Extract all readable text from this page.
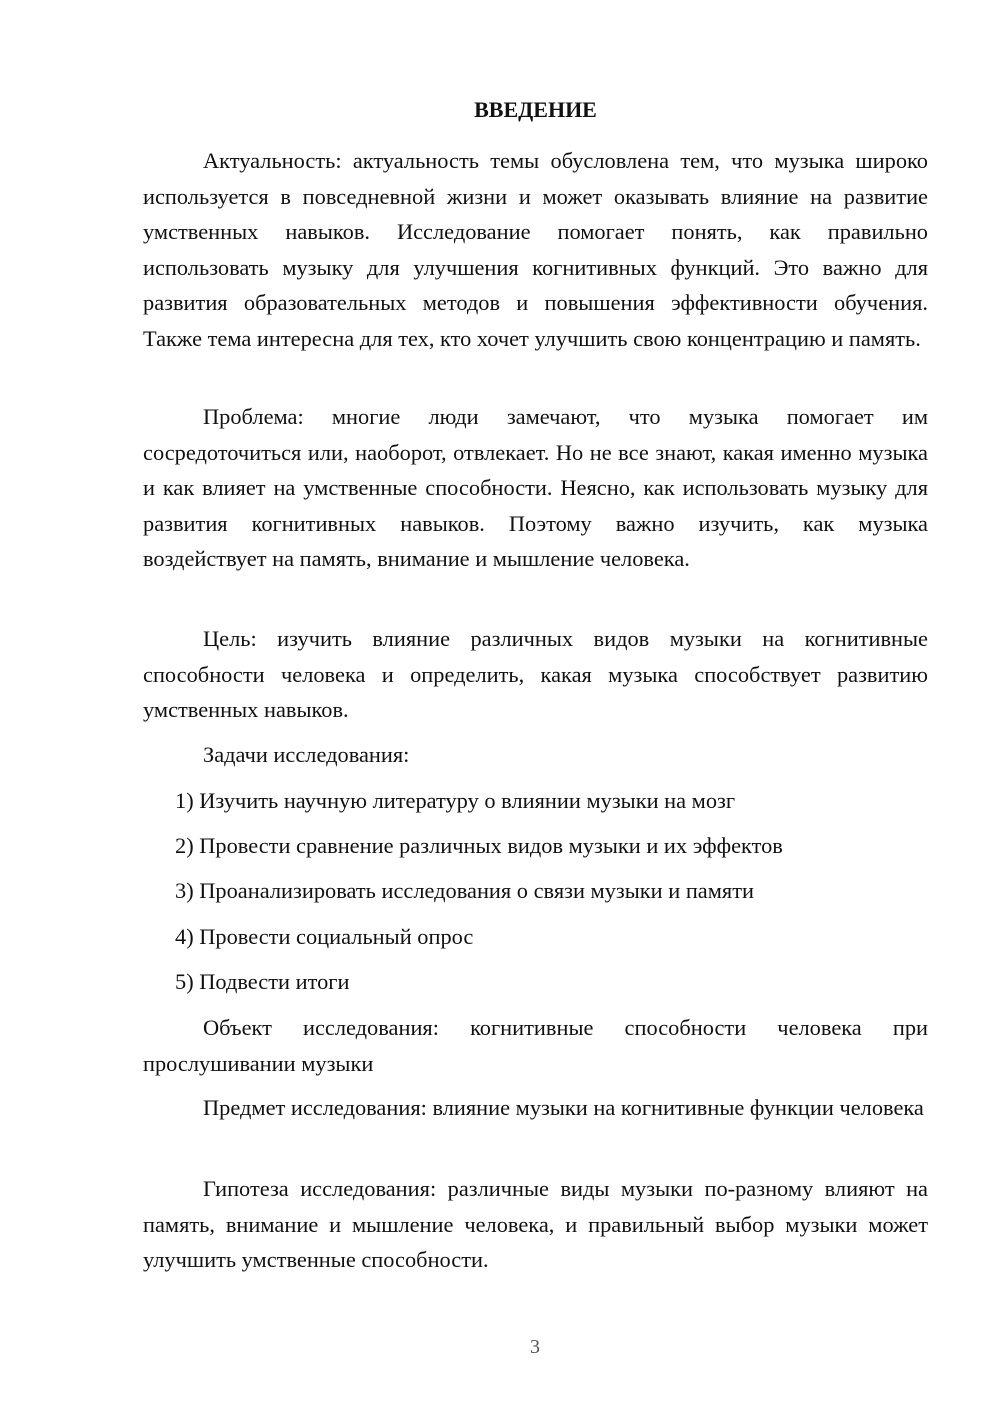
ВВЕДЕНИЕ

Актуальность: актуальность темы обусловлена тем, что музыка широко используется в повседневной жизни и может оказывать влияние на развитие умственных навыков. Исследование помогает понять, как правильно использовать музыку для улучшения когнитивных функций. Это важно для развития образовательных методов и повышения эффективности обучения. Также тема интересна для тех, кто хочет улучшить свою концентрацию и память.

Проблема: многие люди замечают, что музыка помогает им сосредоточиться или, наоборот, отвлекает. Но не все знают, какая именно музыка и как влияет на умственные способности. Неясно, как использовать музыку для развития когнитивных навыков. Поэтому важно изучить, как музыка воздействует на память, внимание и мышление человека.

Цель: изучить влияние различных видов музыки на когнитивные способности человека и определить, какая музыка способствует развитию умственных навыков.

Задачи исследования:

1) Изучить научную литературу о влиянии музыки на мозг

2) Провести сравнение различных видов музыки и их эффектов

3) Проанализировать исследования о связи музыки и памяти

4) Провести социальный опрос

5) Подвести итоги

Объект исследования: когнитивные способности человека при прослушивании музыки

Предмет исследования: влияние музыки на когнитивные функции человека

Гипотеза исследования: различные виды музыки по-разному влияют на память, внимание и мышление человека, и правильный выбор музыки может улучшить умственные способности.

3
